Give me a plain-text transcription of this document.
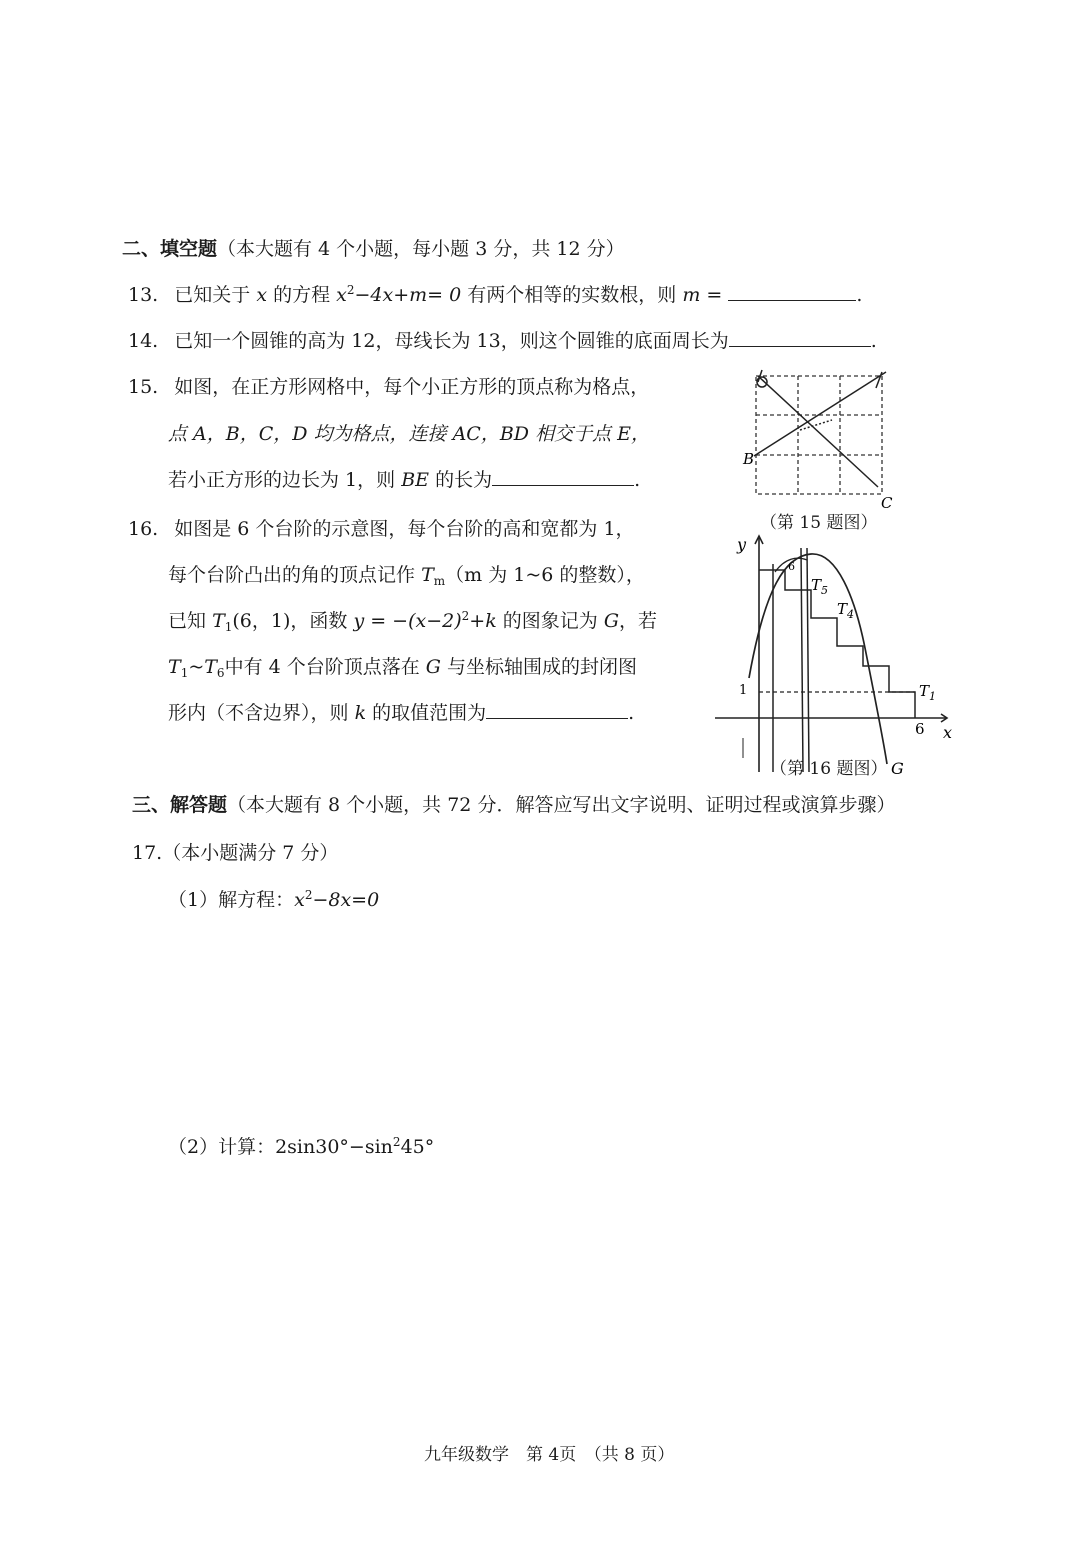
二、填空题（本大题有 4 个小题，每小题 3 分，共 12 分）
13. 已知关于 x 的方程 $x^2-4x+m= 0$ 有两个相等的实数根，则 m =	.
14. 已知一个圆锥的高为 12，母线长为 13，则这个圆锥的底面周长为	.
15. 如图，在正方形网格中，每个小正方形的顶点称为格点，
点 A，B，C，D 均为格点，连接 AC，BD 相交于点 E，
若小正方形的边长为 1，则 BE 的长为	.
B
C
（第 15 题图）
16. 如图是 6 个台阶的示意图，每个台阶的高和宽都为 1，
每个台阶凸出的角的顶点记作 $T_m(m$ 为 1~6 的整数），
已知 $T_1(6$，1)，函数 $y = -(x-2)^2+k$ 的图象记为 G，若
$T_1\sim T_6$中有 4 个台阶顶点落在 G 与坐标轴围成的封闭图
形内（不含边界），则 k 的取值范围为	.
y
x
1
6
6
$T_1$
$T_5$
$T_4$
G
（第 16 题图）
三、解答题（本大题有 8 个小题，共 72 分．解答应写出文字说明、证明过程或演算步骤）
17.（本小题满分 7 分）
（1）解方程：$x^2-8x=0$
（2）计算：$2\sin 30^\circ-\sin^245^\circ$
九年级数学　第 4页　（共 8 页）
